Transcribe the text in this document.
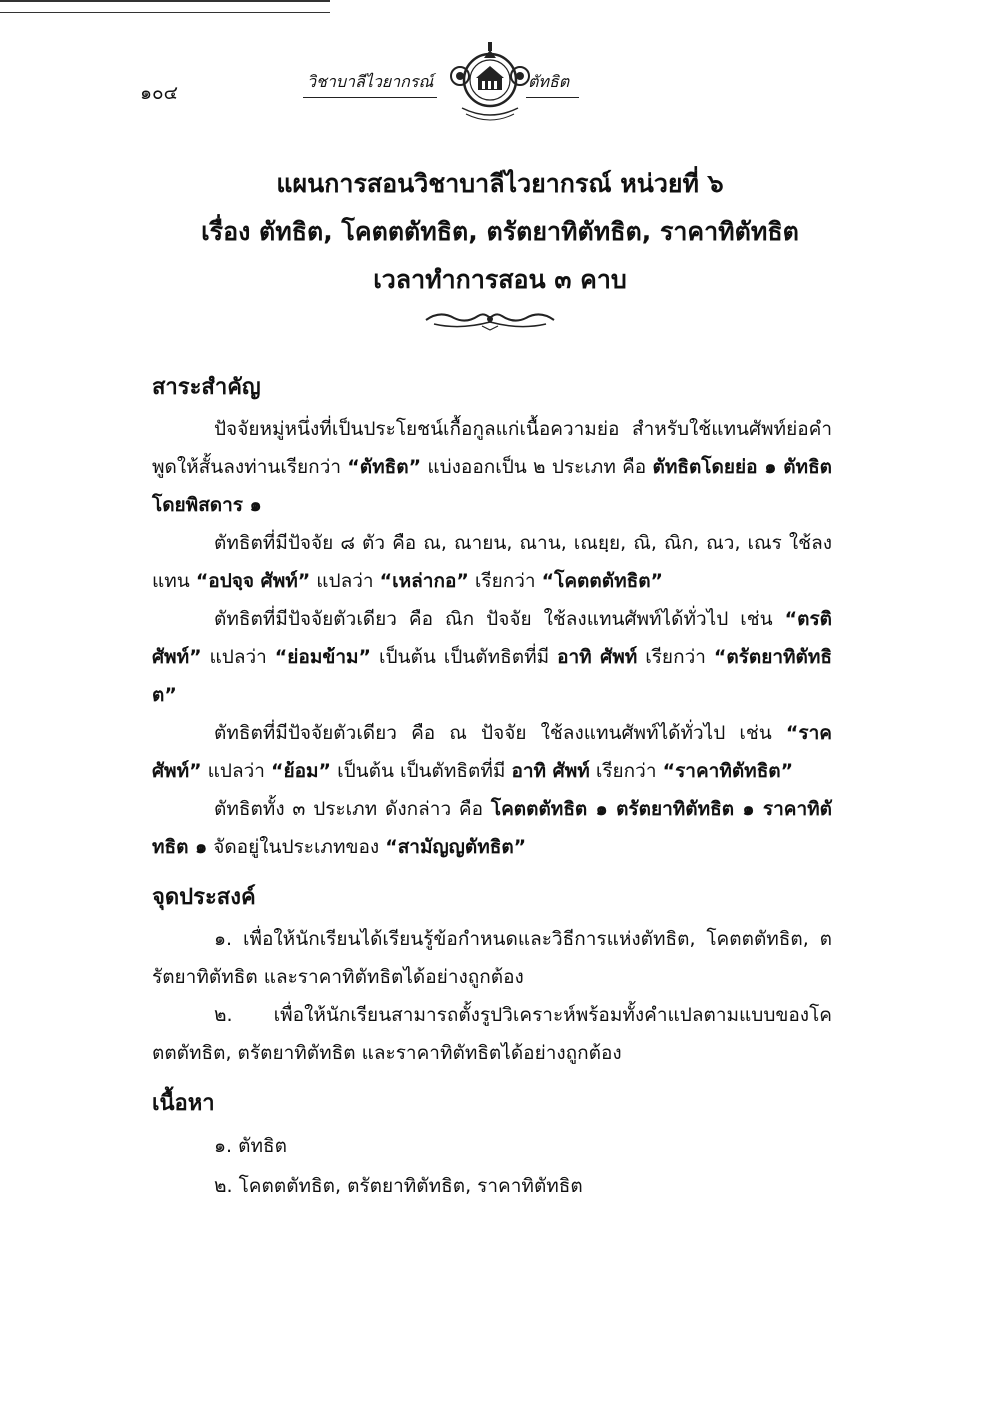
๑๐๔
วิชาบาลีไวยากรณ์	ตัทธิต
แผนการสอนวิชาบาลีไวยากรณ์ หน่วยที่ ๖
เรื่อง ตัทธิต, โคตตตัทธิต, ตรัตยาทิตัทธิต, ราคาทิตัทธิต
เวลาทำการสอน ๓ คาบ
สาระสำคัญ
ปัจจัยหมู่หนึ่งที่เป็นประโยชน์เกื้อกูลแก่เนื้อความย่อ สำหรับใช้แทนศัพท์ย่อคำพูดให้สั้นลงท่านเรียกว่า “ตัทธิต” แบ่งออกเป็น ๒ ประเภท คือ ตัทธิตโดยย่อ ๑ ตัทธิตโดยพิสดาร ๑
ตัทธิตที่มีปัจจัย ๘ ตัว คือ ณ, ณายน, ณาน, เณยฺย, ณิ, ณิก, ณว, เณร ใช้ลงแทน “อปจฺจ ศัพท์” แปลว่า “เหล่ากอ” เรียกว่า “โคตตตัทธิต”
ตัทธิตที่มีปัจจัยตัวเดียว คือ ณิก ปัจจัย ใช้ลงแทนศัพท์ได้ทั่วไป เช่น “ตรติ ศัพท์” แปลว่า “ย่อมข้าม” เป็นต้น เป็นตัทธิตที่มี อาทิ ศัพท์ เรียกว่า “ตรัตยาทิตัทธิต”
ตัทธิตที่มีปัจจัยตัวเดียว คือ ณ ปัจจัย ใช้ลงแทนศัพท์ได้ทั่วไป เช่น “ราค ศัพท์” แปลว่า “ย้อม” เป็นต้น เป็นตัทธิตที่มี อาทิ ศัพท์ เรียกว่า “ราคาทิตัทธิต”
ตัทธิตทั้ง ๓ ประเภท ดังกล่าว คือ โคตตตัทธิต ๑ ตรัตยาทิตัทธิต ๑ ราคาทิตัทธิต ๑ จัดอยู่ในประเภทของ “สามัญญตัทธิต”
จุดประสงค์
๑. เพื่อให้นักเรียนได้เรียนรู้ข้อกำหนดและวิธีการแห่งตัทธิต, โคตตตัทธิต, ตรัตยาทิตัทธิต และราคาทิตัทธิตได้อย่างถูกต้อง
๒. เพื่อให้นักเรียนสามารถตั้งรูปวิเคราะห์พร้อมทั้งคำแปลตามแบบของโคตตตัทธิต, ตรัตยาทิตัทธิต และราคาทิตัทธิตได้อย่างถูกต้อง
เนื้อหา
๑. ตัทธิต
๒. โคตตตัทธิต, ตรัตยาทิตัทธิต, ราคาทิตัทธิต
